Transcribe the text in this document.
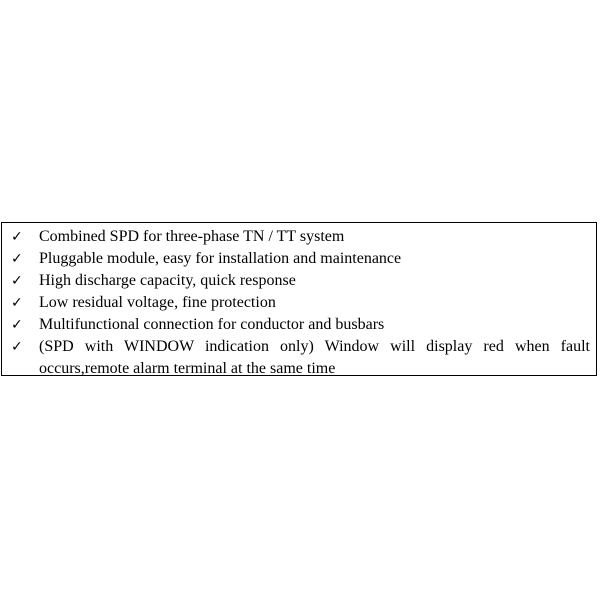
✓	Combined SPD for three-phase TN / TT system
✓	Pluggable module, easy for installation and maintenance
✓	High discharge capacity, quick response
✓	Low residual voltage, fine protection
✓	Multifunctional connection for conductor and busbars
✓	(SPD with WINDOW indication only) Window will display red when fault
occurs,remote alarm terminal at the same time
